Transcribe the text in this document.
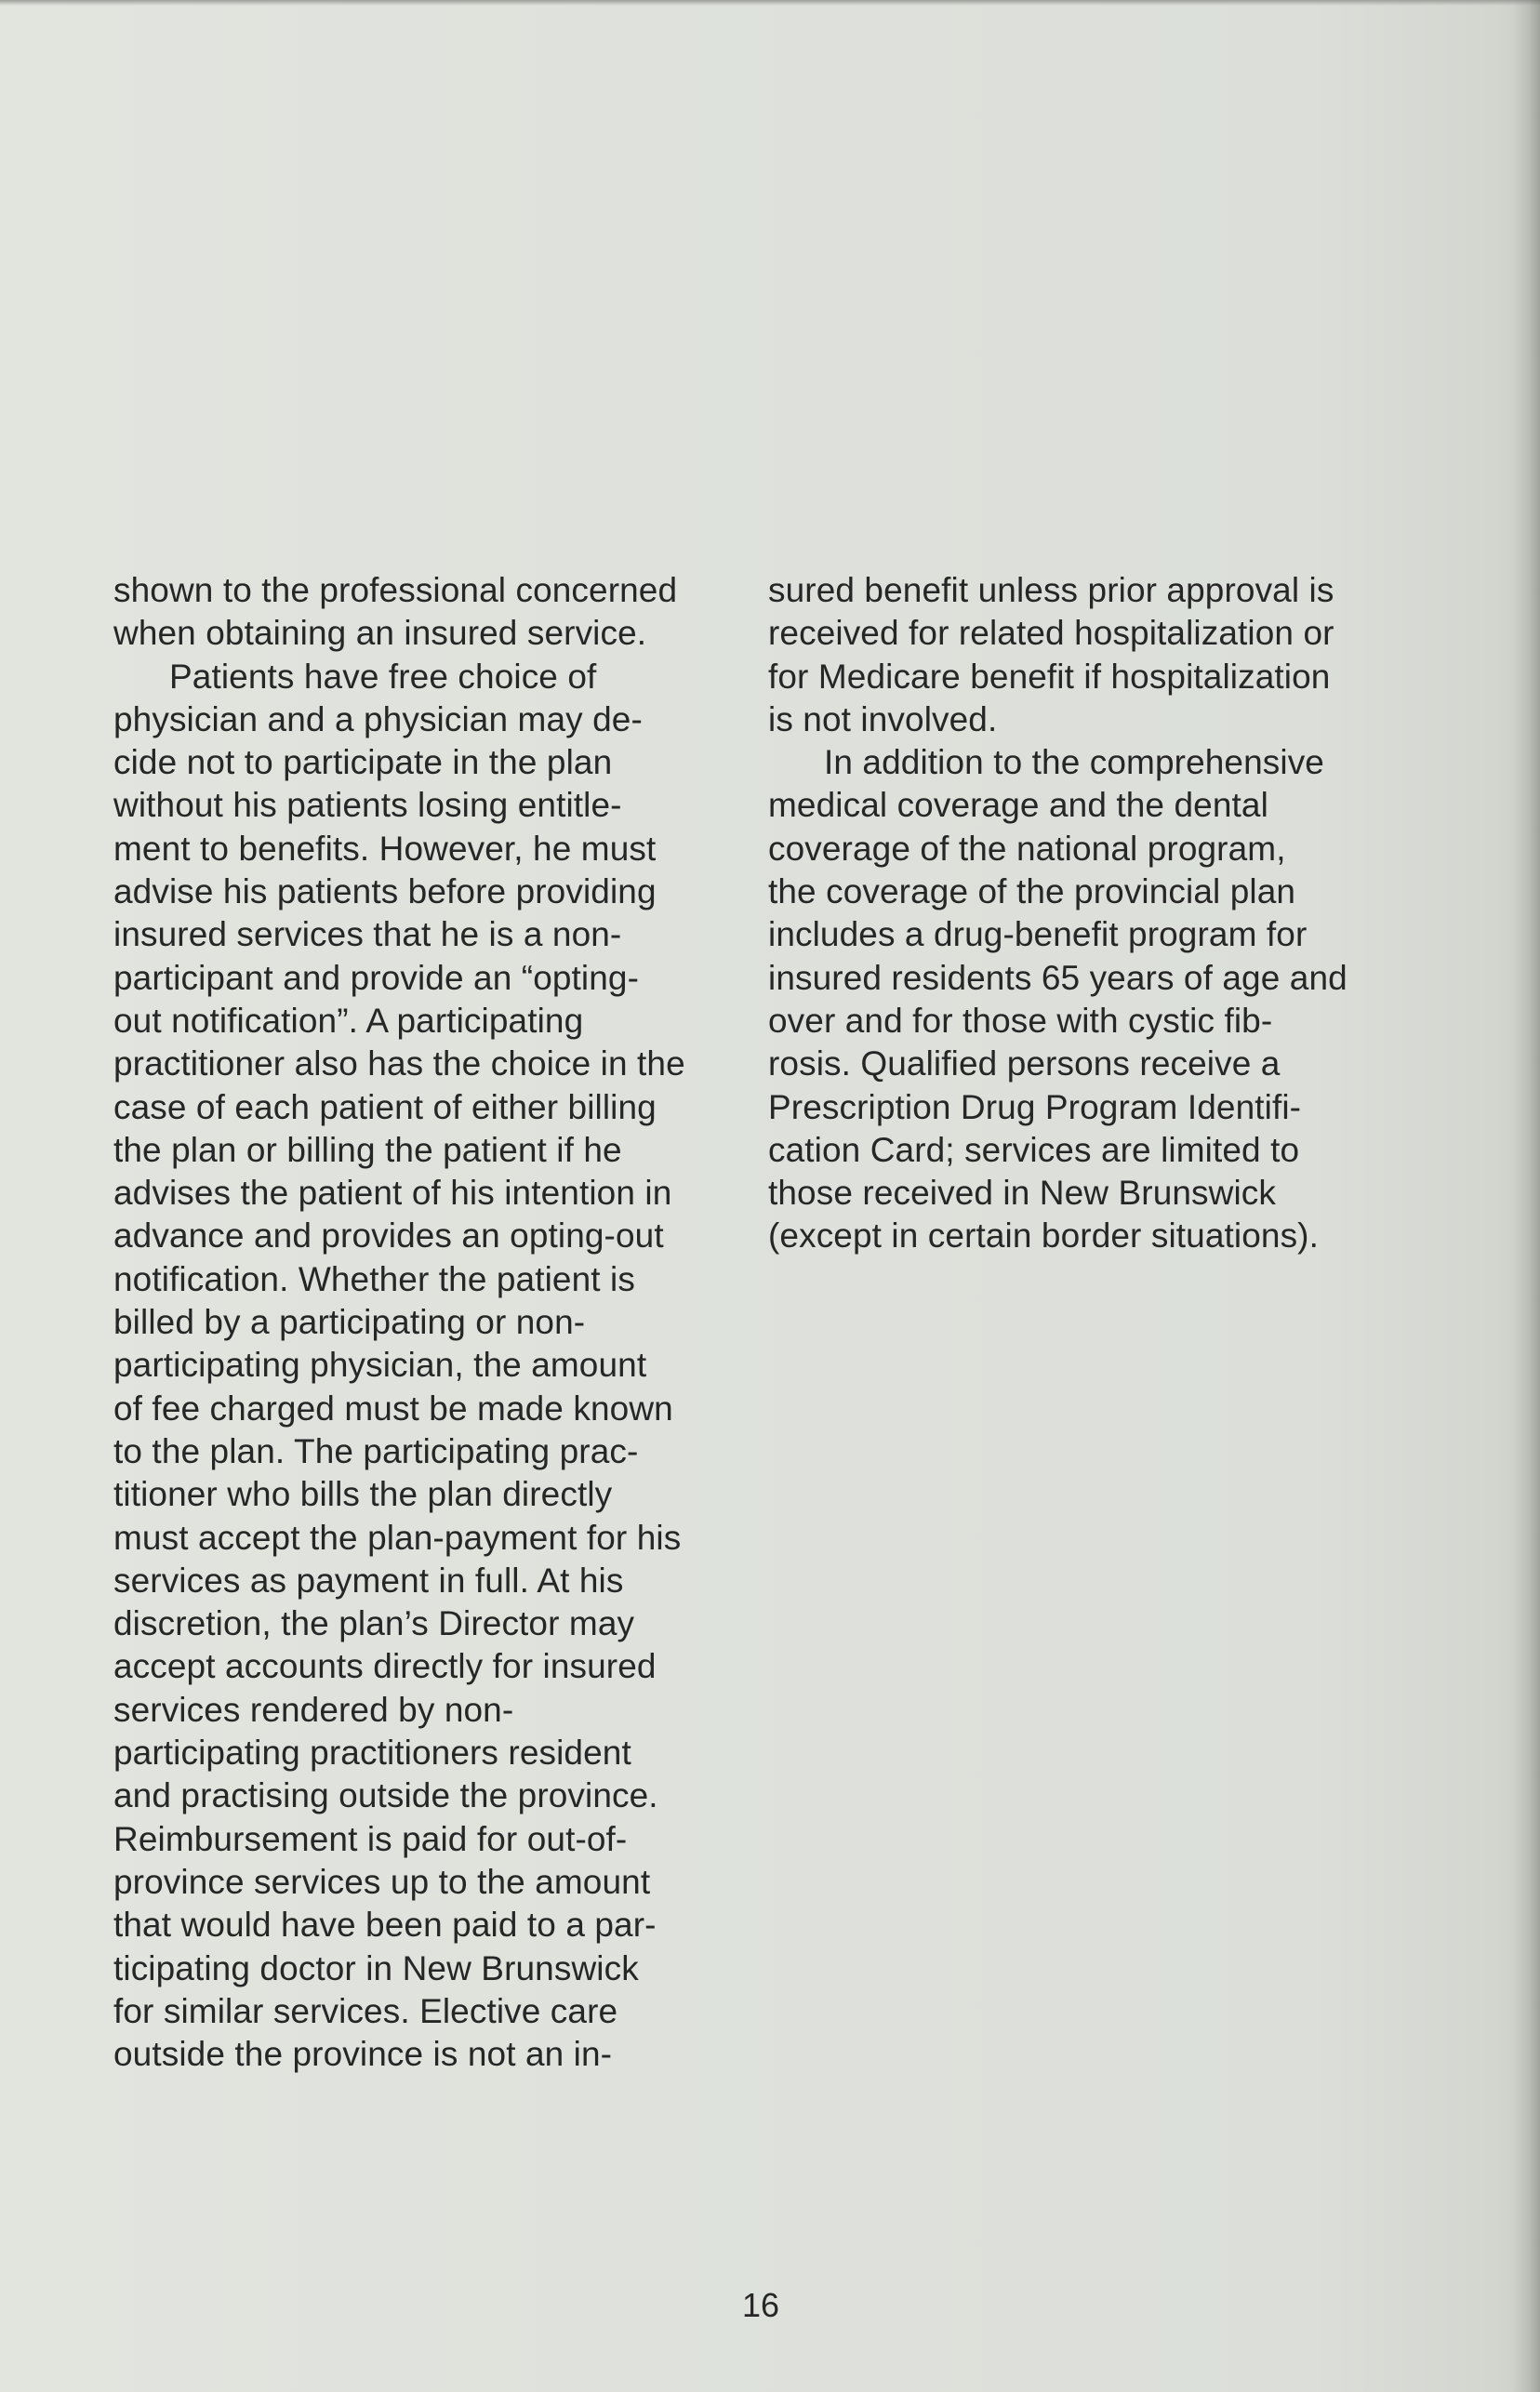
shown to the professional concerned
when obtaining an insured service.
Patients have free choice of
physician and a physician may de-
cide not to participate in the plan
without his patients losing entitle-
ment to benefits. However, he must
advise his patients before providing
insured services that he is a non-
participant and provide an “opting-
out notification”. A participating
practitioner also has the choice in the
case of each patient of either billing
the plan or billing the patient if he
advises the patient of his intention in
advance and provides an opting-out
notification. Whether the patient is
billed by a participating or non-
participating physician, the amount
of fee charged must be made known
to the plan. The participating prac-
titioner who bills the plan directly
must accept the plan-payment for his
services as payment in full. At his
discretion, the plan’s Director may
accept accounts directly for insured
services rendered by non-
participating practitioners resident
and practising outside the province.
Reimbursement is paid for out-of-
province services up to the amount
that would have been paid to a par-
ticipating doctor in New Brunswick
for similar services. Elective care
outside the province is not an in-
sured benefit unless prior approval is
received for related hospitalization or
for Medicare benefit if hospitalization
is not involved.
In addition to the comprehensive
medical coverage and the dental
coverage of the national program,
the coverage of the provincial plan
includes a drug-benefit program for
insured residents 65 years of age and
over and for those with cystic fib-
rosis. Qualified persons receive a
Prescription Drug Program Identifi-
cation Card; services are limited to
those received in New Brunswick
(except in certain border situations).
16
